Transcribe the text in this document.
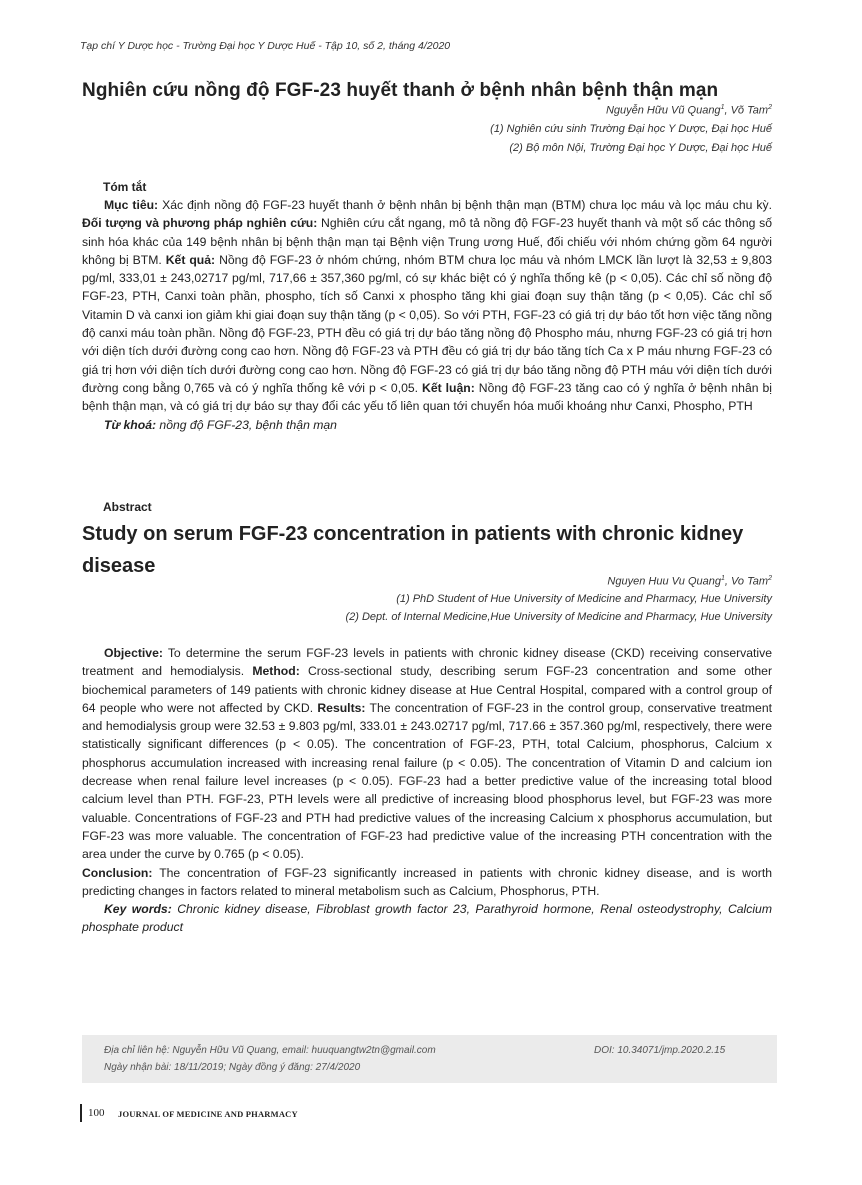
Tạp chí Y Dược học - Trường Đại học Y Dược Huế - Tập 10, số 2, tháng 4/2020
Nghiên cứu nồng độ FGF-23 huyết thanh ở bệnh nhân bệnh thận mạn
Nguyễn Hữu Vũ Quang$^1$, Võ Tam$^2$
(1) Nghiên cứu sinh Trường Đại học Y Dược, Đại học Huế
(2) Bộ môn Nội, Trường Đại học Y Dược, Đại học Huế
Tóm tắt
Mục tiêu: Xác định nồng độ FGF-23 huyết thanh ở bệnh nhân bị bệnh thận mạn (BTM) chưa lọc máu và lọc máu chu kỳ. Đối tượng và phương pháp nghiên cứu: Nghiên cứu cắt ngang, mô tả nồng độ FGF-23 huyết thanh và một số các thông số sinh hóa khác của 149 bệnh nhân bị bệnh thận mạn tại Bệnh viện Trung ương Huế, đối chiếu với nhóm chứng gồm 64 người không bị BTM. Kết quả: Nồng độ FGF-23 ở nhóm chứng, nhóm BTM chưa lọc máu và nhóm LMCK lần lượt là 32,53 ± 9,803 pg/ml, 333,01 ± 243,02717 pg/ml, 717,66 ± 357,360 pg/ml, có sự khác biệt có ý nghĩa thống kê (p < 0,05). Các chỉ số nồng độ FGF-23, PTH, Canxi toàn phần, phospho, tích số Canxi x phospho tăng khi giai đoạn suy thận tăng (p < 0,05). Các chỉ số Vitamin D và canxi ion giảm khi giai đoạn suy thận tăng (p < 0,05). So với PTH, FGF-23 có giá trị dự báo tốt hơn việc tăng nồng độ canxi máu toàn phần. Nồng độ FGF-23, PTH đều có giá trị dự báo tăng nồng độ Phospho máu, nhưng FGF-23 có giá trị hơn với diện tích dưới đường cong cao hơn. Nồng độ FGF-23 và PTH đều có giá trị dự báo tăng tích Ca x P máu nhưng FGF-23 có giá trị hơn với diện tích dưới đường cong cao hơn. Nồng độ FGF-23 có giá trị dự báo tăng nồng độ PTH máu với diện tích dưới đường cong bằng 0,765 và có ý nghĩa thống kê với p < 0,05. Kết luận: Nồng độ FGF-23 tăng cao có ý nghĩa ở bệnh nhân bị bệnh thận mạn, và có giá trị dự báo sự thay đổi các yếu tố liên quan tới chuyển hóa muối khoáng như Canxi, Phospho, PTH
Từ khoá: nồng độ FGF-23, bệnh thận mạn
Abstract
Study on serum FGF-23 concentration in patients with chronic kidney disease
Nguyen Huu Vu Quang$^1$, Vo Tam$^2$
(1) PhD Student of Hue University of Medicine and Pharmacy, Hue University
(2) Dept. of Internal Medicine,Hue University of Medicine and Pharmacy, Hue University
Objective: To determine the serum FGF-23 levels in patients with chronic kidney disease (CKD) receiving conservative treatment and hemodialysis. Method: Cross-sectional study, describing serum FGF-23 concentration and some other biochemical parameters of 149 patients with chronic kidney disease at Hue Central Hospital, compared with a control group of 64 people who were not affected by CKD. Results: The concentration of FGF-23 in the control group, conservative treatment and hemodialysis group were 32.53 ± 9.803 pg/ml, 333.01 ± 243.02717 pg/ml, 717.66 ± 357.360 pg/ml, respectively, there were statistically significant differences (p < 0.05). The concentration of FGF-23, PTH, total Calcium, phosphorus, Calcium x phosphorus accumulation increased with increasing renal failure (p < 0.05). The concentration of Vitamin D and calcium ion decrease when renal failure level increases (p < 0.05). FGF-23 had a better predictive value of the increasing total blood calcium level than PTH. FGF-23, PTH levels were all predictive of increasing blood phosphorus level, but FGF-23 was more valuable. Concentrations of FGF-23 and PTH had predictive values of the increasing Calcium x phosphorus accumulation, but FGF-23 was more valuable. The concentration of FGF-23 had predictive value of the increasing PTH concentration with the area under the curve by 0.765 (p < 0.05).
Conclusion: The concentration of FGF-23 significantly increased in patients with chronic kidney disease, and is worth predicting changes in factors related to mineral metabolism such as Calcium, Phosphorus, PTH.
Key words: Chronic kidney disease, Fibroblast growth factor 23, Parathyroid hormone, Renal osteodystrophy, Calcium phosphate product
Địa chỉ liên hệ: Nguyễn Hữu Vũ Quang, email: huuquangtw2tn@gmail.com	DOI: 10.34071/jmp.2020.2.15
Ngày nhận bài: 18/11/2019; Ngày đồng ý đăng: 27/4/2020
100 JOURNAL OF MEDICINE AND PHARMACY
